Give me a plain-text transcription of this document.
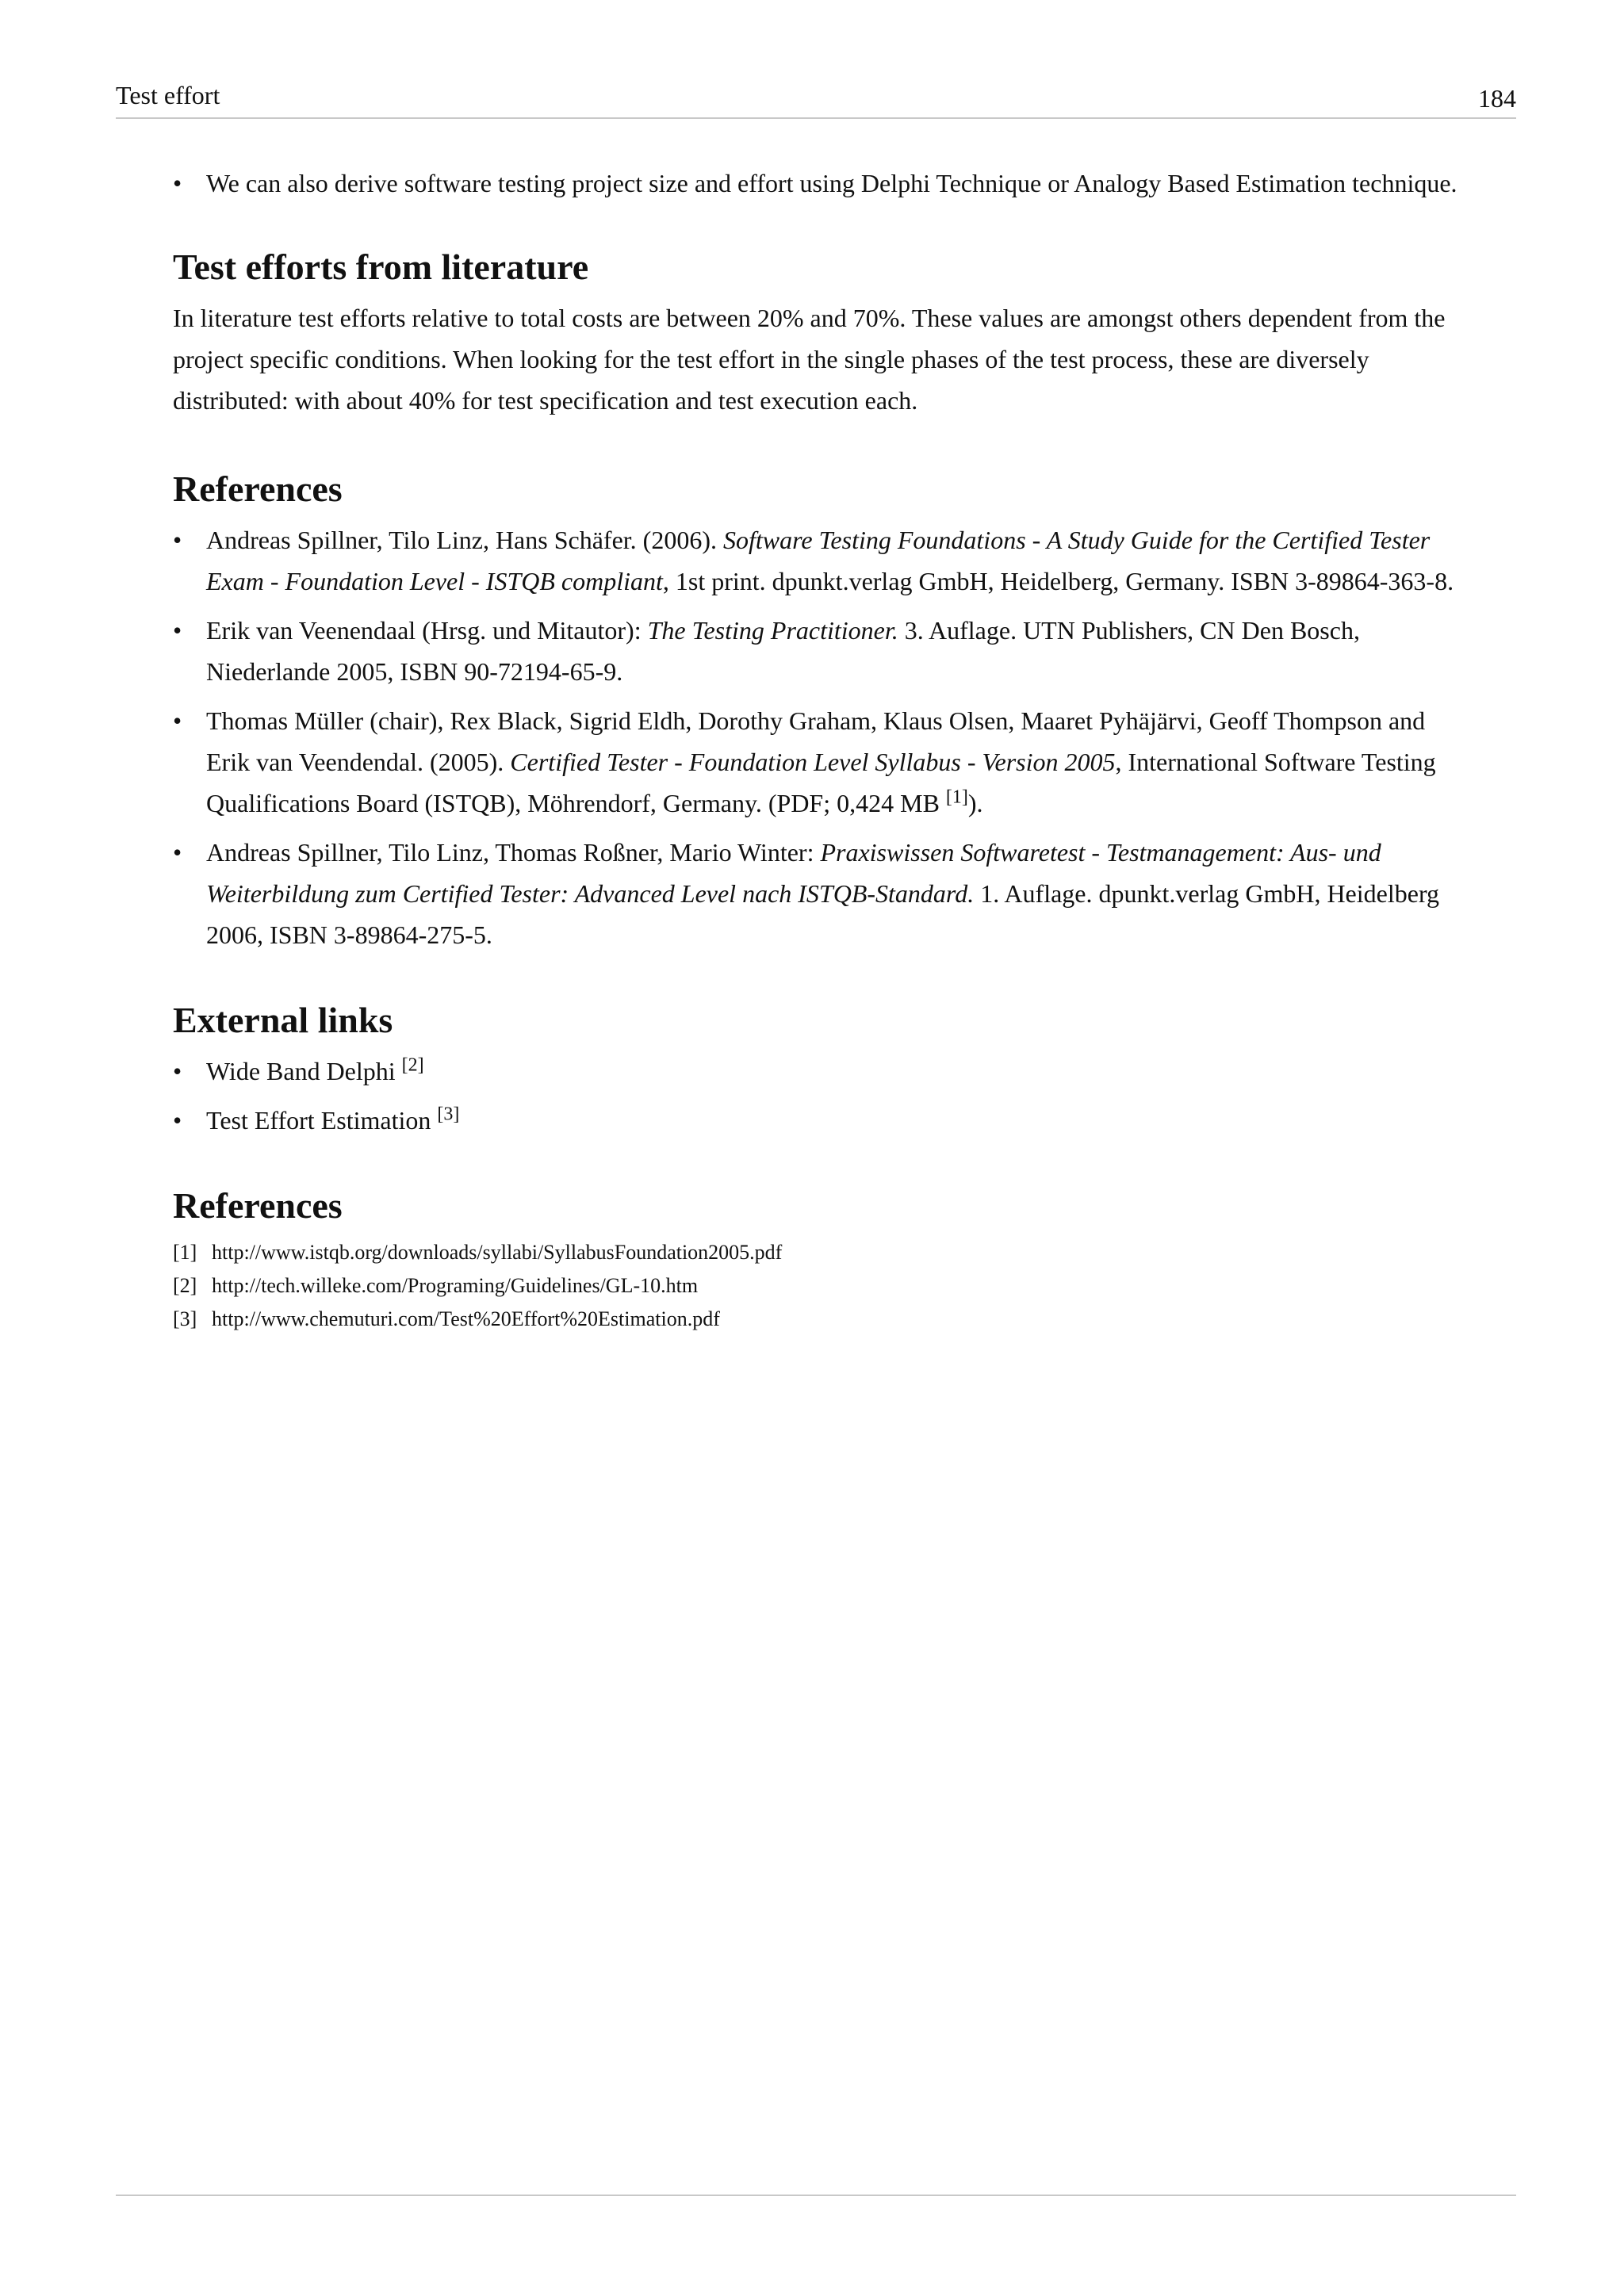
Test effort	184
• We can also derive software testing project size and effort using Delphi Technique or Analogy Based Estimation technique.
Test efforts from literature

In literature test efforts relative to total costs are between 20% and 70%. These values are amongst others dependent from the project specific conditions. When looking for the test effort in the single phases of the test process, these are diversely distributed: with about 40% for test specification and test execution each.

References
• Andreas Spillner, Tilo Linz, Hans Schäfer. (2006). Software Testing Foundations - A Study Guide for the Certified Tester Exam - Foundation Level - ISTQB compliant, 1st print. dpunkt.verlag GmbH, Heidelberg, Germany. ISBN 3-89864-363-8.
• Erik van Veenendaal (Hrsg. und Mitautor): The Testing Practitioner. 3. Auflage. UTN Publishers, CN Den Bosch, Niederlande 2005, ISBN 90-72194-65-9.
• Thomas Müller (chair), Rex Black, Sigrid Eldh, Dorothy Graham, Klaus Olsen, Maaret Pyhäjärvi, Geoff Thompson and Erik van Veendendal. (2005). Certified Tester - Foundation Level Syllabus - Version 2005, International Software Testing Qualifications Board (ISTQB), Möhrendorf, Germany. (PDF; 0,424 MB [1]).
• Andreas Spillner, Tilo Linz, Thomas Roßner, Mario Winter: Praxiswissen Softwaretest - Testmanagement: Aus- und Weiterbildung zum Certified Tester: Advanced Level nach ISTQB-Standard. 1. Auflage. dpunkt.verlag GmbH, Heidelberg 2006, ISBN 3-89864-275-5.
External links
• Wide Band Delphi [2]
• Test Effort Estimation [3]
References
[1] http://www.istqb.org/downloads/syllabi/SyllabusFoundation2005.pdf
[2] http://tech.willeke.com/Programing/Guidelines/GL-10.htm
[3] http://www.chemuturi.com/Test%20Effort%20Estimation.pdf
